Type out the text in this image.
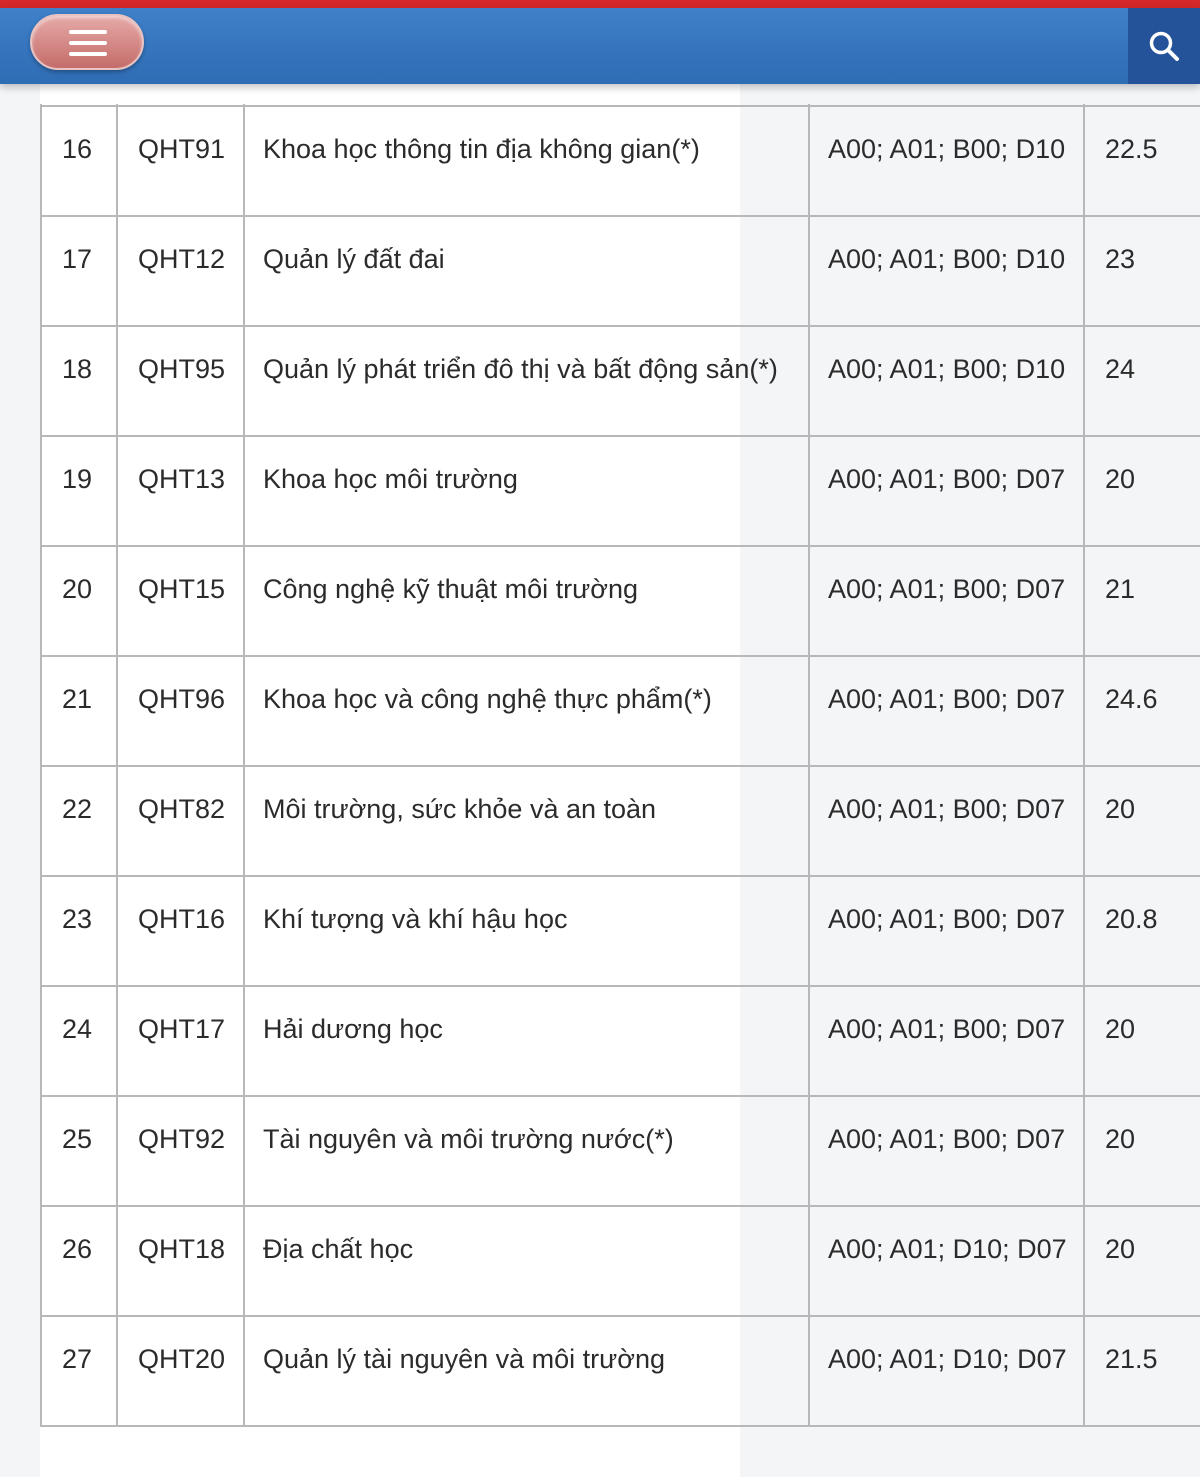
16	QHT91	Khoa học thông tin địa không gian(*)	A00; A01; B00; D10	22.5
17	QHT12	Quản lý đất đai	A00; A01; B00; D10	23
18	QHT95	Quản lý phát triển đô thị và bất động sản(*)	A00; A01; B00; D10	24
19	QHT13	Khoa học môi trường	A00; A01; B00; D07	20
20	QHT15	Công nghệ kỹ thuật môi trường	A00; A01; B00; D07	21
21	QHT96	Khoa học và công nghệ thực phẩm(*)	A00; A01; B00; D07	24.6
22	QHT82	Môi trường, sức khỏe và an toàn	A00; A01; B00; D07	20
23	QHT16	Khí tượng và khí hậu học	A00; A01; B00; D07	20.8
24	QHT17	Hải dương học	A00; A01; B00; D07	20
25	QHT92	Tài nguyên và môi trường nước(*)	A00; A01; B00; D07	20
26	QHT18	Địa chất học	A00; A01; D10; D07	20
27	QHT20	Quản lý tài nguyên và môi trường	A00; A01; D10; D07	21.5
